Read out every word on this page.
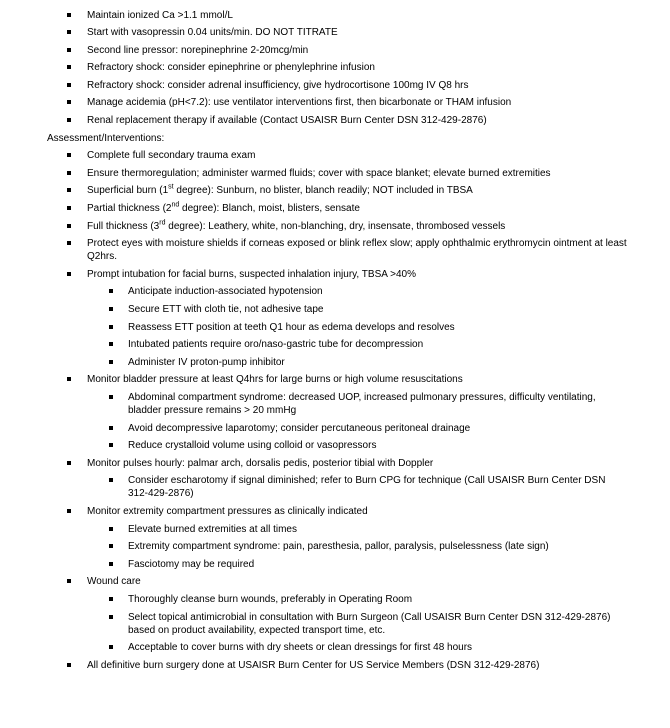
Maintain ionized Ca >1.1 mmol/L
Start with vasopressin 0.04 units/min. DO NOT TITRATE
Second line pressor: norepinephrine 2-20mcg/min
Refractory shock: consider epinephrine or phenylephrine infusion
Refractory shock: consider adrenal insufficiency, give hydrocortisone 100mg IV Q8 hrs
Manage acidemia (pH<7.2): use ventilator interventions first, then bicarbonate or THAM infusion
Renal replacement therapy if available (Contact USAISR Burn Center DSN 312-429-2876)
Assessment/Interventions:
Complete full secondary trauma exam
Ensure thermoregulation; administer warmed fluids; cover with space blanket; elevate burned extremities
Superficial burn (1st degree): Sunburn, no blister, blanch readily; NOT included in TBSA
Partial thickness (2nd degree): Blanch, moist, blisters, sensate
Full thickness (3rd degree): Leathery, white, non-blanching, dry, insensate, thrombosed vessels
Protect eyes with moisture shields if corneas exposed or blink reflex slow; apply ophthalmic erythromycin ointment at least Q2hrs.
Prompt intubation for facial burns, suspected inhalation injury, TBSA >40%
Anticipate induction-associated hypotension
Secure ETT with cloth tie, not adhesive tape
Reassess ETT position at teeth Q1 hour as edema develops and resolves
Intubated patients require oro/naso-gastric tube for decompression
Administer IV proton-pump inhibitor
Monitor bladder pressure at least Q4hrs for large burns or high volume resuscitations
Abdominal compartment syndrome: decreased UOP, increased pulmonary pressures, difficulty ventilating, bladder pressure remains > 20 mmHg
Avoid decompressive laparotomy; consider percutaneous peritoneal drainage
Reduce crystalloid volume using colloid or vasopressors
Monitor pulses hourly: palmar arch, dorsalis pedis, posterior tibial with Doppler
Consider escharotomy if signal diminished; refer to Burn CPG for technique (Call USAISR Burn Center DSN 312-429-2876)
Monitor extremity compartment pressures as clinically indicated
Elevate burned extremities at all times
Extremity compartment syndrome: pain, paresthesia, pallor, paralysis, pulselessness (late sign)
Fasciotomy may be required
Wound care
Thoroughly cleanse burn wounds, preferably in Operating Room
Select topical antimicrobial in consultation with Burn Surgeon (Call USAISR Burn Center DSN 312-429-2876) based on product availability, expected transport time, etc.
Acceptable to cover burns with dry sheets or clean dressings for first 48 hours
All definitive burn surgery done at USAISR Burn Center for US Service Members (DSN 312-429-2876)
